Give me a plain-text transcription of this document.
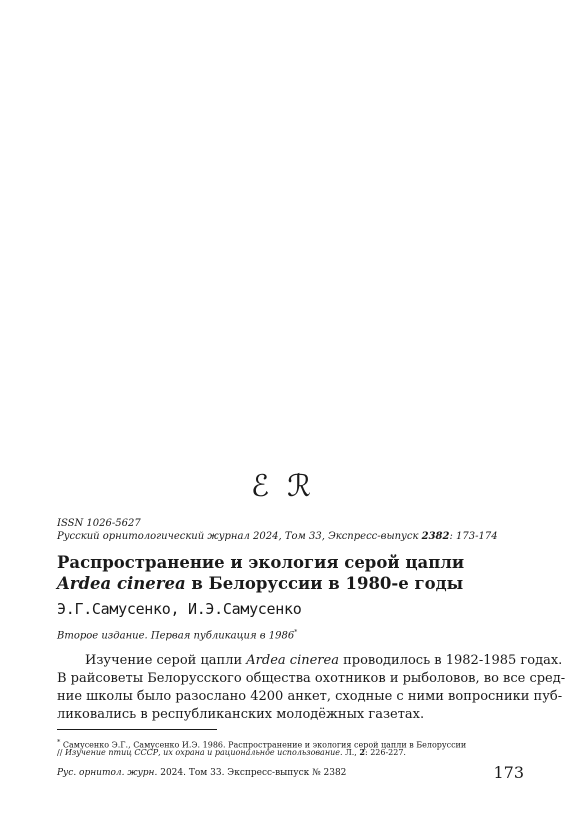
ℰℛ
ISSN 1026-5627
Русский орнитологический журнал 2024, Том 33, Экспресс-выпуск 2382: 173-174
Распространение и экология серой цапли
Ardea cinerea в Белоруссии в 1980-е годы
Э.Г.Самусенко, И.Э.Самусенко
Второе издание. Первая публикация в 1986*
Изучение серой цапли Ardea cinerea проводилось в 1982-1985 годах.
В райсоветы Белорусского общества охотников и рыболовов, во все сред-
ние школы было разослано 4200 анкет, сходные с ними вопросники пуб-
ликовались в республиканских молодёжных газетах.
* Самусенко Э.Г., Самусенко И.Э. 1986. Распространение и экология серой цапли в Белоруссии
// Изучение птиц СССР, их охрана и рациональное использование. Л., 2: 226-227.
Рус. орнитол. журн. 2024. Том 33. Экспресс-выпуск № 2382	173
